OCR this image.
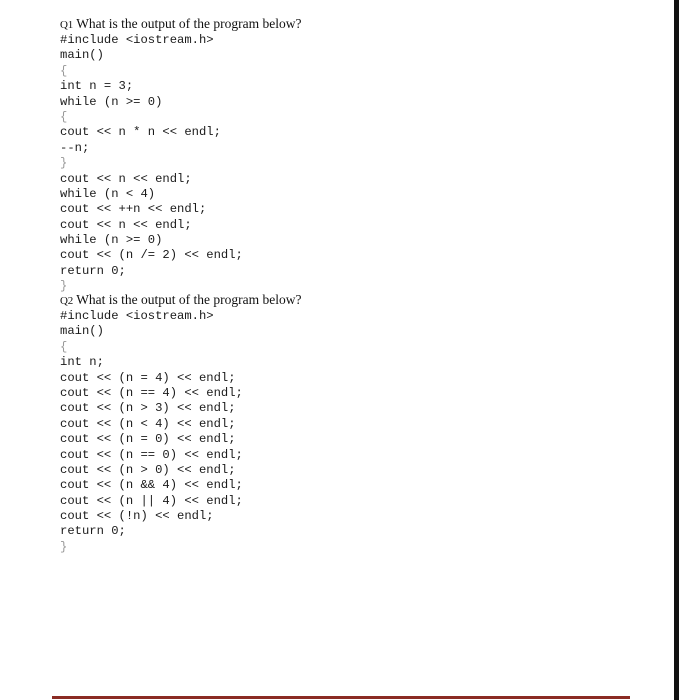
Q1 What is the output of the program below?
#include <iostream.h>
main()
{
int n = 3;
while (n >= 0)
{
cout << n * n << endl;
--n;
}
cout << n << endl;
while (n < 4)
cout << ++n << endl;
cout << n << endl;
while (n >= 0)
cout << (n /= 2) << endl;
return 0;
}
Q2 What is the output of the program below?
#include <iostream.h>
main()
{
int n;
cout << (n = 4) << endl;
cout << (n == 4) << endl;
cout << (n > 3) << endl;
cout << (n < 4) << endl;
cout << (n = 0) << endl;
cout << (n == 0) << endl;
cout << (n > 0) << endl;
cout << (n && 4) << endl;
cout << (n || 4) << endl;
cout << (!n) << endl;
return 0;
}
